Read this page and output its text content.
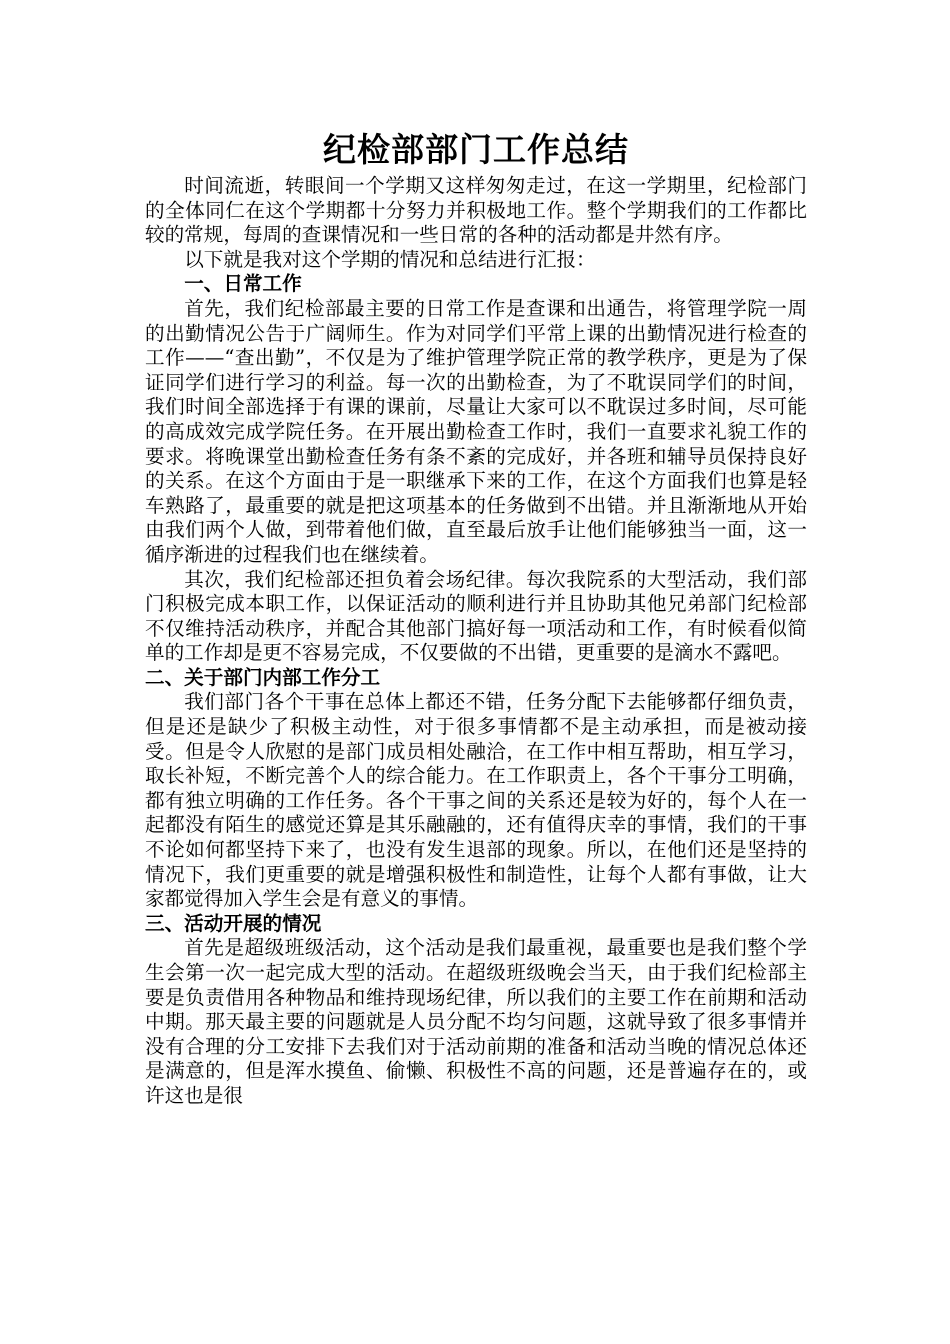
纪检部部门工作总结

时间流逝，转眼间一个学期又这样匆匆走过，在这一学期里，纪检部门的全体同仁在这个学期都十分努力并积极地工作。整个学期我们的工作都比较的常规，每周的查课情况和一些日常的各种的活动都是井然有序。

以下就是我对这个学期的情况和总结进行汇报：

一、日常工作

首先，我们纪检部最主要的日常工作是查课和出通告，将管理学院一周的出勤情况公告于广阔师生。作为对同学们平常上课的出勤情况进行检查的工作——“查出勤”，不仅是为了维护管理学院正常的教学秩序，更是为了保证同学们进行学习的利益。每一次的出勤检查，为了不耽误同学们的时间，我们时间全部选择于有课的课前，尽量让大家可以不耽误过多时间，尽可能的高成效完成学院任务。在开展出勤检查工作时，我们一直要求礼貌工作的要求。将晚课堂出勤检查任务有条不紊的完成好，并各班和辅导员保持良好的关系。在这个方面由于是一职继承下来的工作，在这个方面我们也算是轻车熟路了，最重要的就是把这项基本的任务做到不出错。并且渐渐地从开始由我们两个人做，到带着他们做，直至最后放手让他们能够独当一面，这一循序渐进的过程我们也在继续着。

其次，我们纪检部还担负着会场纪律。每次我院系的大型活动，我们部门积极完成本职工作，以保证活动的顺利进行并且协助其他兄弟部门纪检部不仅维持活动秩序，并配合其他部门搞好每一项活动和工作，有时候看似简单的工作却是更不容易完成，不仅要做的不出错，更重要的是滴水不露吧。

二、关于部门内部工作分工

我们部门各个干事在总体上都还不错，任务分配下去能够都仔细负责，但是还是缺少了积极主动性，对于很多事情都不是主动承担，而是被动接受。但是令人欣慰的是部门成员相处融洽，在工作中相互帮助，相互学习，取长补短，不断完善个人的综合能力。在工作职责上，各个干事分工明确，都有独立明确的工作任务。各个干事之间的关系还是较为好的，每个人在一起都没有陌生的感觉还算是其乐融融的，还有值得庆幸的事情，我们的干事不论如何都坚持下来了，也没有发生退部的现象。所以，在他们还是坚持的情况下，我们更重要的就是增强积极性和制造性，让每个人都有事做，让大家都觉得加入学生会是有意义的事情。

三、活动开展的情况

首先是超级班级活动，这个活动是我们最重视，最重要也是我们整个学生会第一次一起完成大型的活动。在超级班级晚会当天，由于我们纪检部主要是负责借用各种物品和维持现场纪律，所以我们的主要工作在前期和活动中期。那天最主要的问题就是人员分配不均匀问题，这就导致了很多事情并没有合理的分工安排下去我们对于活动前期的准备和活动当晚的情况总体还是满意的，但是浑水摸鱼、偷懒、积极性不高的问题，还是普遍存在的，或许这也是很
